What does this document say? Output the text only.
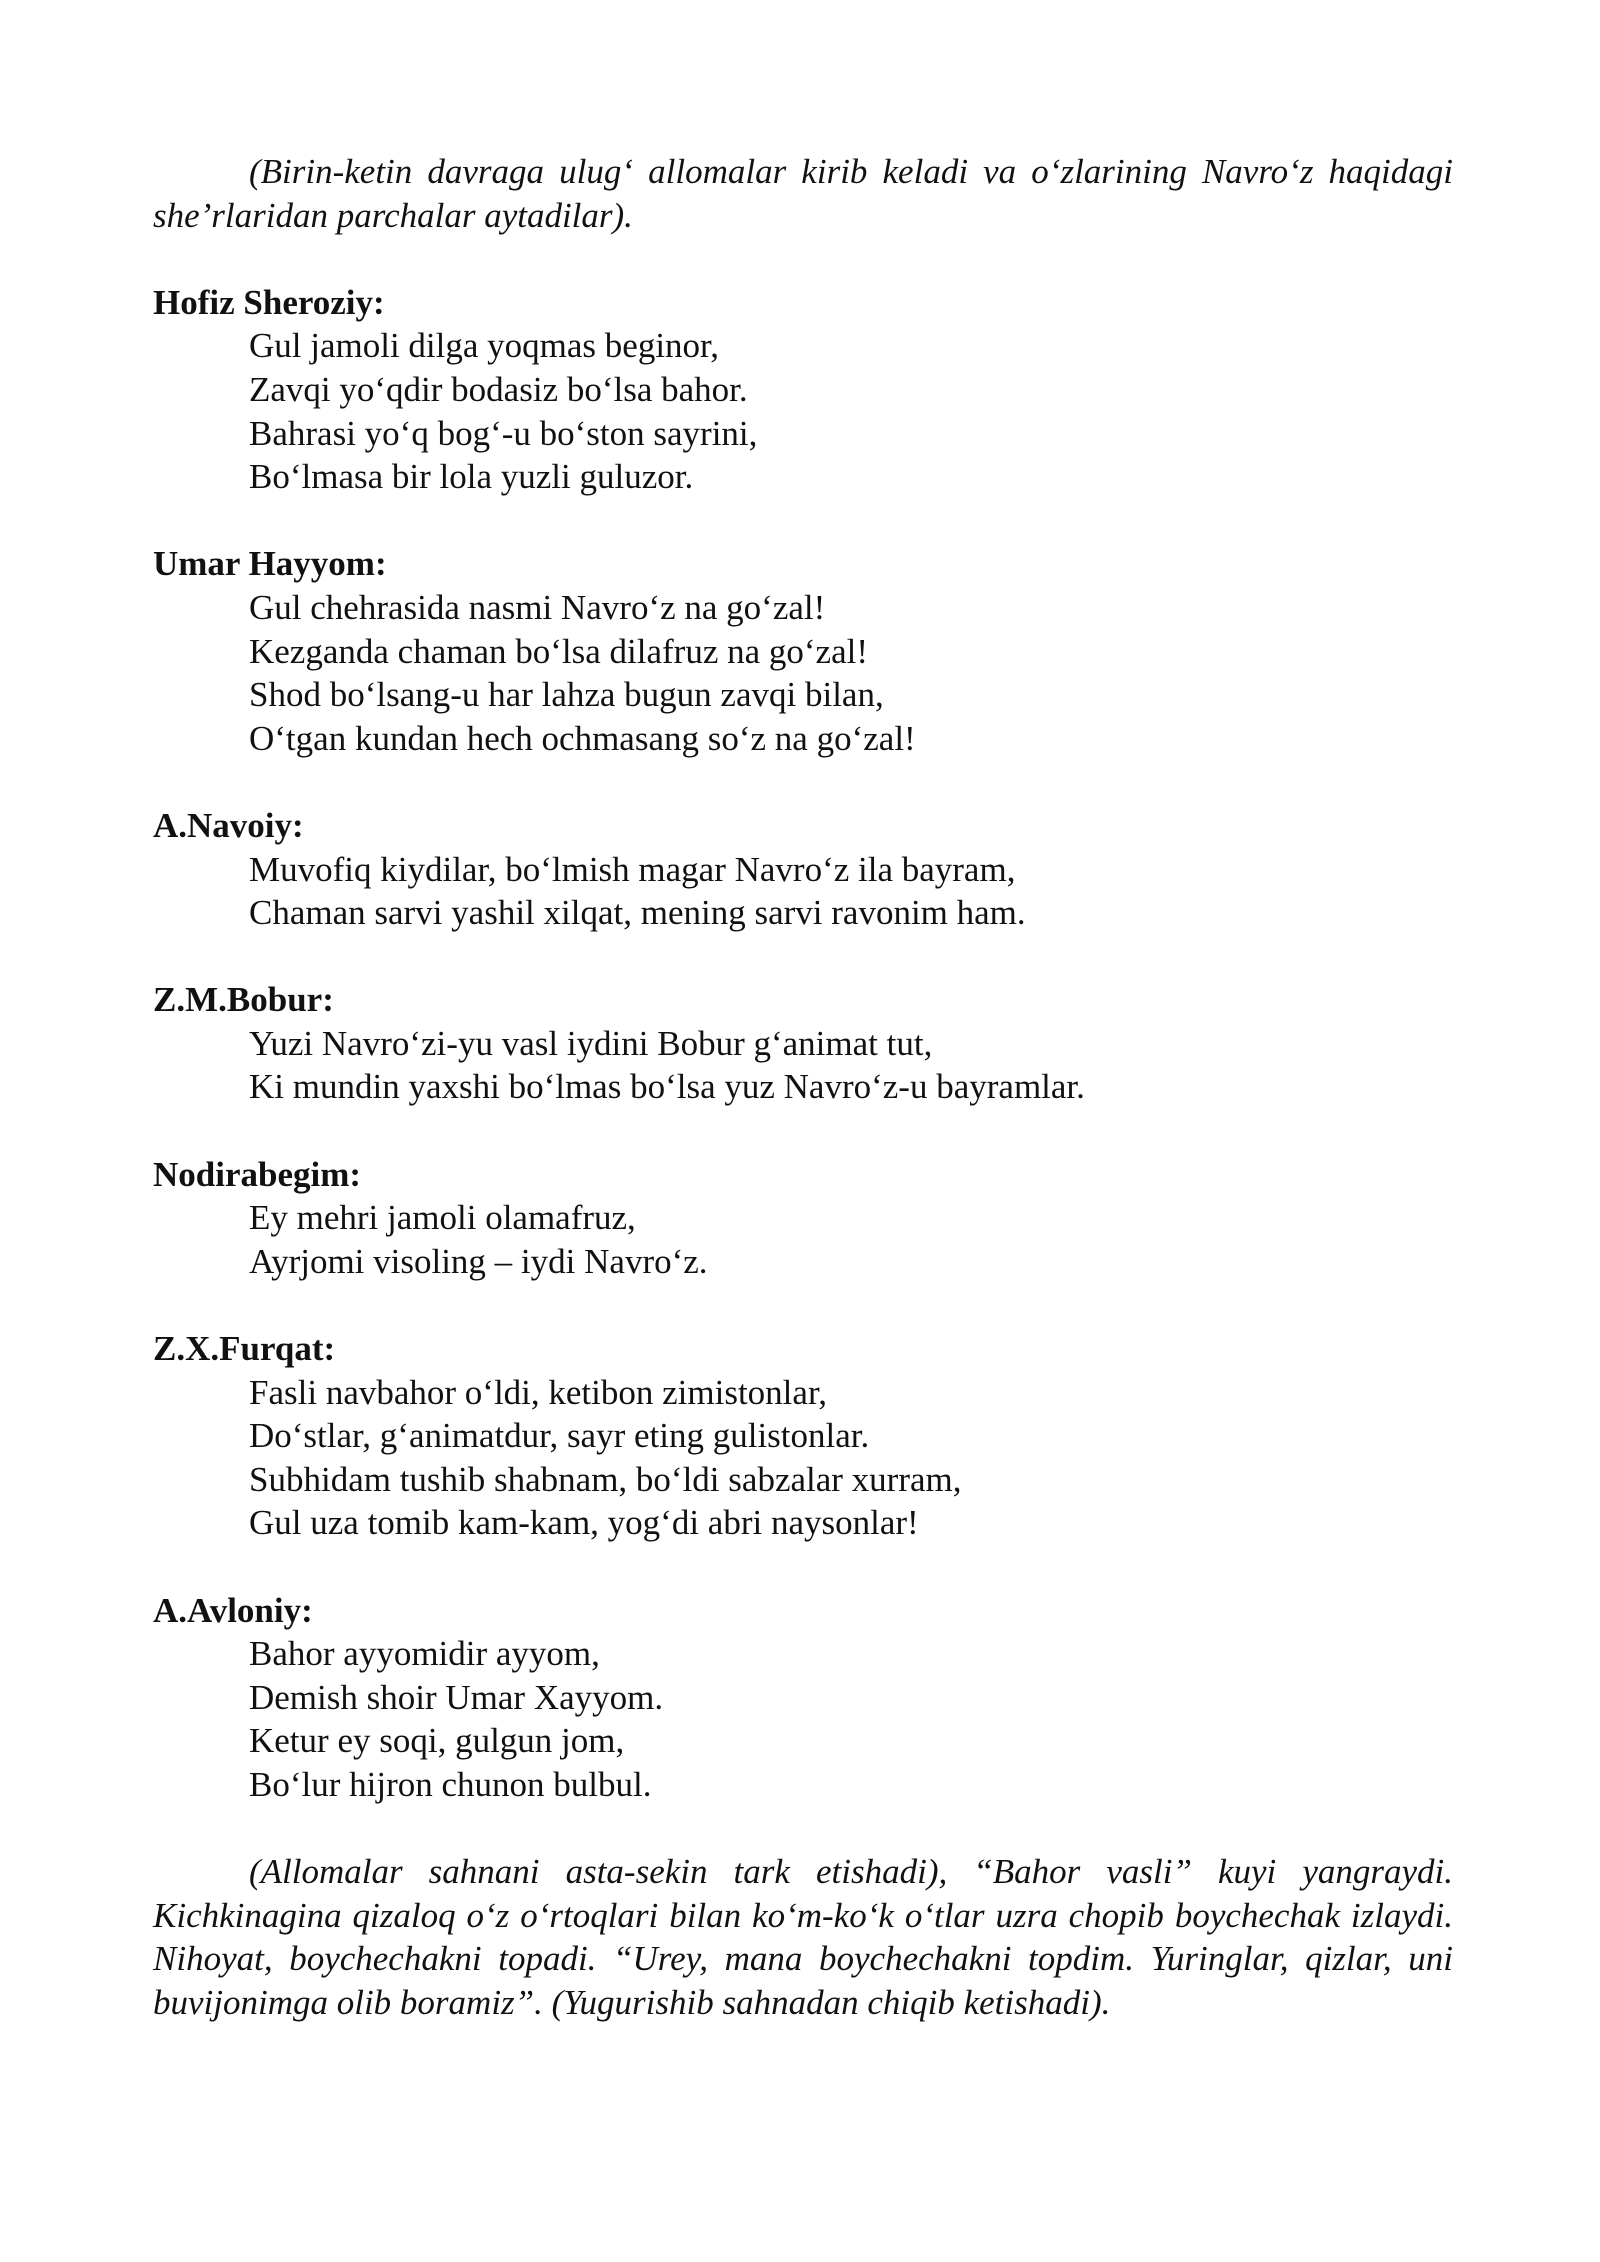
(Birin-ketin davraga ulug‘ allomalar kirib keladi va o‘zlarining Navro‘z haqidagi she’rlaridan parchalar aytadilar).

Hofiz Sheroziy:

Gul jamoli dilga yoqmas beginor,
Zavqi yo‘qdir bodasiz bo‘lsa bahor.
Bahrasi yo‘q bog‘-u bo‘ston sayrini,
Bo‘lmasa bir lola yuzli guluzor.

Umar Hayyom:

Gul chehrasida nasmi Navro‘z na go‘zal!
Kezganda chaman bo‘lsa dilafruz na go‘zal!
Shod bo‘lsang-u har lahza bugun zavqi bilan,
O‘tgan kundan hech ochmasang so‘z na go‘zal!

A.Navoiy:

Muvofiq kiydilar, bo‘lmish magar Navro‘z ila bayram,
Chaman sarvi yashil xilqat, mening sarvi ravonim ham.

Z.M.Bobur:

Yuzi Navro‘zi-yu vasl iydini Bobur g‘animat tut,
Ki mundin yaxshi bo‘lmas bo‘lsa yuz Navro‘z-u bayramlar.

Nodirabegim:

Ey mehri jamoli olamafruz,
Ayrjomi visoling – iydi Navro‘z.

Z.X.Furqat:

Fasli navbahor o‘ldi, ketibon zimistonlar,
Do‘stlar, g‘animatdur, sayr eting gulistonlar.
Subhidam tushib shabnam, bo‘ldi sabzalar xurram,
Gul uza tomib kam-kam, yog‘di abri naysonlar!

A.Avloniy:

Bahor ayyomidir ayyom,
Demish shoir Umar Xayyom.
Ketur ey soqi, gulgun jom,
Bo‘lur hijron chunon bulbul.

(Allomalar sahnani asta-sekin tark etishadi), “Bahor vasli” kuyi yangraydi. Kichkinagina qizaloq o‘z o‘rtoqlari bilan ko‘m-ko‘k o‘tlar uzra chopib boychechak izlaydi. Nihoyat, boychechakni topadi. “Urey, mana boychechakni topdim. Yuringlar, qizlar, uni buvijonimga olib boramiz”. (Yugurishib sahnadan chiqib ketishadi).
